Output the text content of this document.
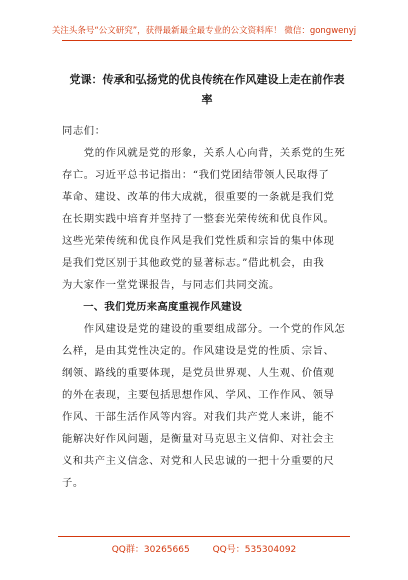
关注头条号“公文研究”，获得最新最全最专业的公文资料库！ 微信：gongwenyj
党课：传承和弘扬党的优良传统在作风建设上走在前作表
率
同志们：
　　党的作风就是党的形象，关系人心向背，关系党的生死
存亡。习近平总书记指出：“我们党团结带领人民取得了
革命、建设、改革的伟大成就，很重要的一条就是我们党
在长期实践中培育并坚持了一整套光荣传统和优良作风。
这些光荣传统和优良作风是我们党性质和宗旨的集中体现
是我们党区别于其他政党的显著标志。”借此机会，由我
为大家作一堂党课报告，与同志们共同交流。
　　一、我们党历来高度重视作风建设
　　作风建设是党的建设的重要组成部分。一个党的作风怎
么样，是由其党性决定的。作风建设是党的性质、宗旨、
纲领、路线的重要体现，是党员世界观、人生观、价值观
的外在表现，主要包括思想作风、学风、工作作风、领导
作风、干部生活作风等内容。对我们共产党人来讲，能不
能解决好作风问题，是衡量对马克思主义信仰、对社会主
义和共产主义信念、对党和人民忠诚的一把十分重要的尺
子。
QQ群：30265665	QQ号：535304092
